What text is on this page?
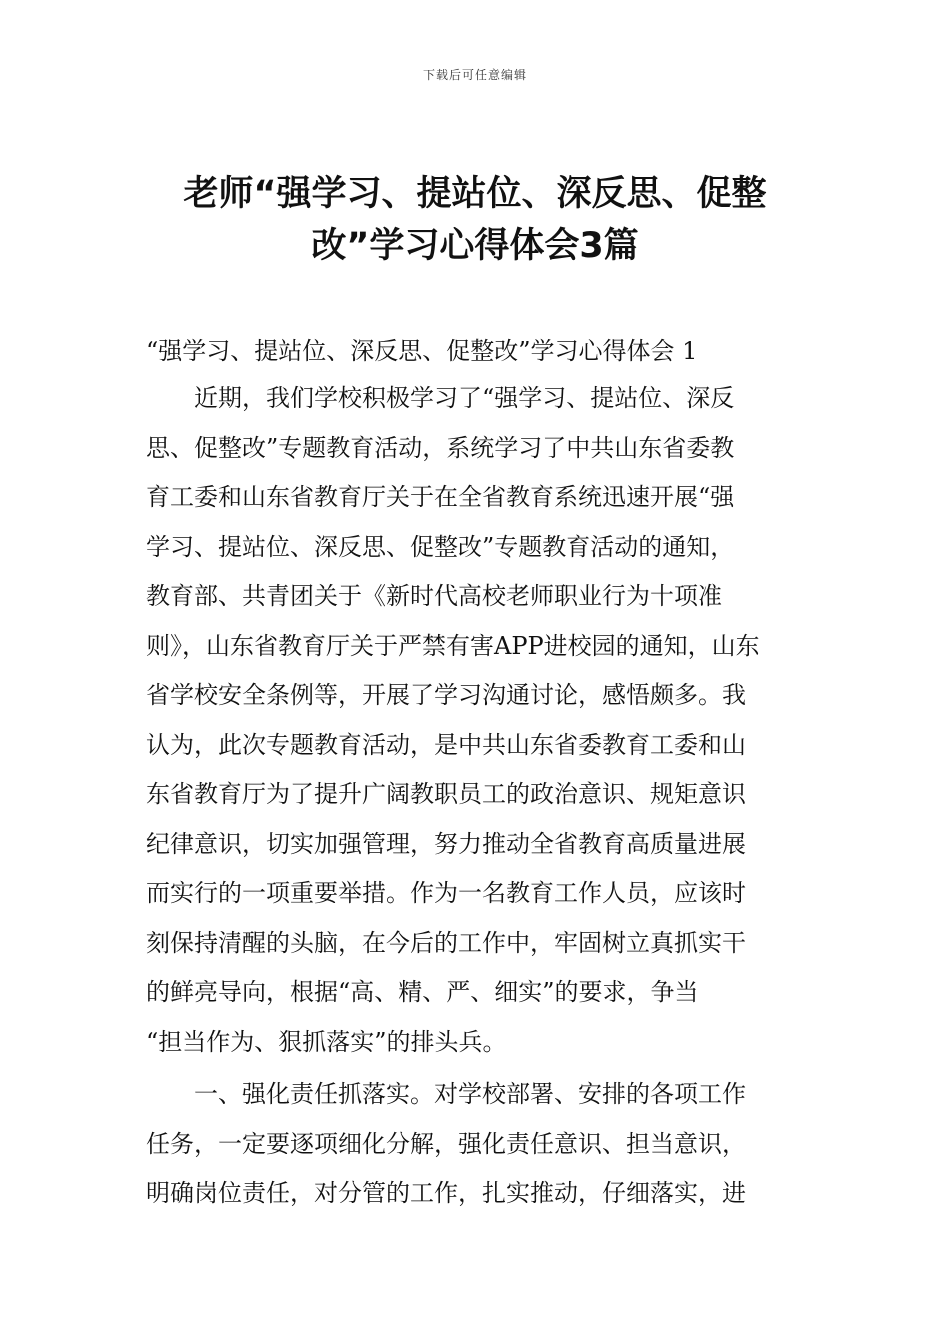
下载后可任意编辑
老师“强学习、提站位、深反思、促整
改”学习心得体会3篇
“强学习、提站位、深反思、促整改”学习心得体会 1
　　近期，我们学校积极学习了“强学习、提站位、深反
思、促整改”专题教育活动，系统学习了中共山东省委教
育工委和山东省教育厅关于在全省教育系统迅速开展“强
学习、提站位、深反思、促整改”专题教育活动的通知，
教育部、共青团关于《新时代高校老师职业行为十项准
则》，山东省教育厅关于严禁有害APP进校园的通知，山东
省学校安全条例等，开展了学习沟通讨论，感悟颇多。我
认为，此次专题教育活动，是中共山东省委教育工委和山
东省教育厅为了提升广阔教职员工的政治意识、规矩意识
纪律意识，切实加强管理，努力推动全省教育高质量进展
而实行的一项重要举措。作为一名教育工作人员，应该时
刻保持清醒的头脑，在今后的工作中，牢固树立真抓实干
的鲜亮导向，根据“高、精、严、细实”的要求，争当
“担当作为、狠抓落实”的排头兵。
　　一、强化责任抓落实。对学校部署、安排的各项工作
任务，一定要逐项细化分解，强化责任意识、担当意识，
明确岗位责任，对分管的工作，扎实推动，仔细落实，进
